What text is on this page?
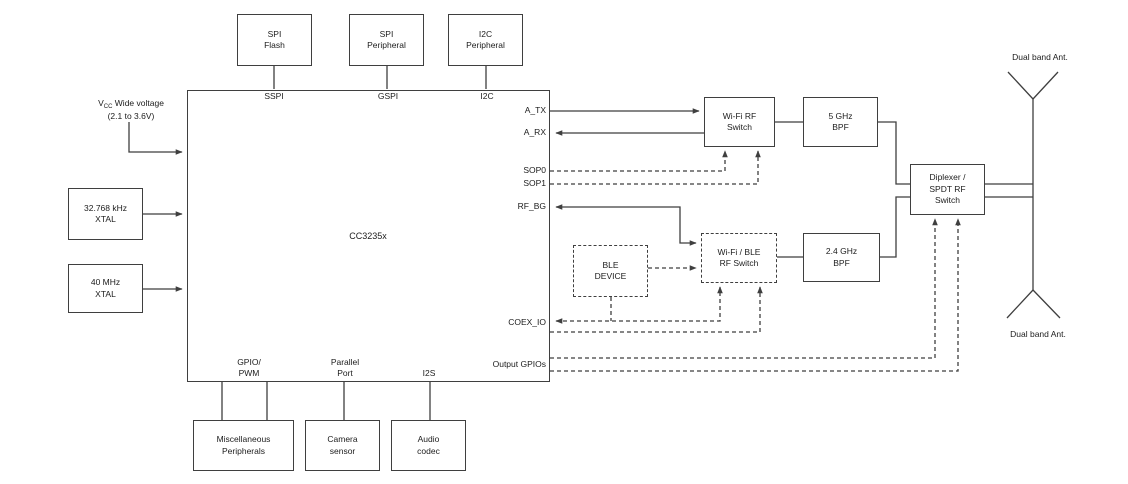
CC3235x
$V_{CC}$ Wide voltage
(2.1 to 3.6V)
SPI
Flash
SPI
Peripheral
I2C
Peripheral
32.768 kHz
XTAL
40 MHz
XTAL
Miscellaneous
Peripherals
Camera
sensor
Audio
codec
Wi-Fi RF
Switch
5 GHz
BPF
BLE
DEVICE
Wi-Fi / BLE
RF Switch
2.4 GHz
BPF
Diplexer /
SPDT RF
Switch
Dual band Ant.
Dual band Ant.
SSPI	GSPI	I2C
A_TX
A_RX
SOP0
SOP1
RF_BG
COEX_IO
Output GPIOs
GPIO/
PWM
Parallel
Port	I2S
